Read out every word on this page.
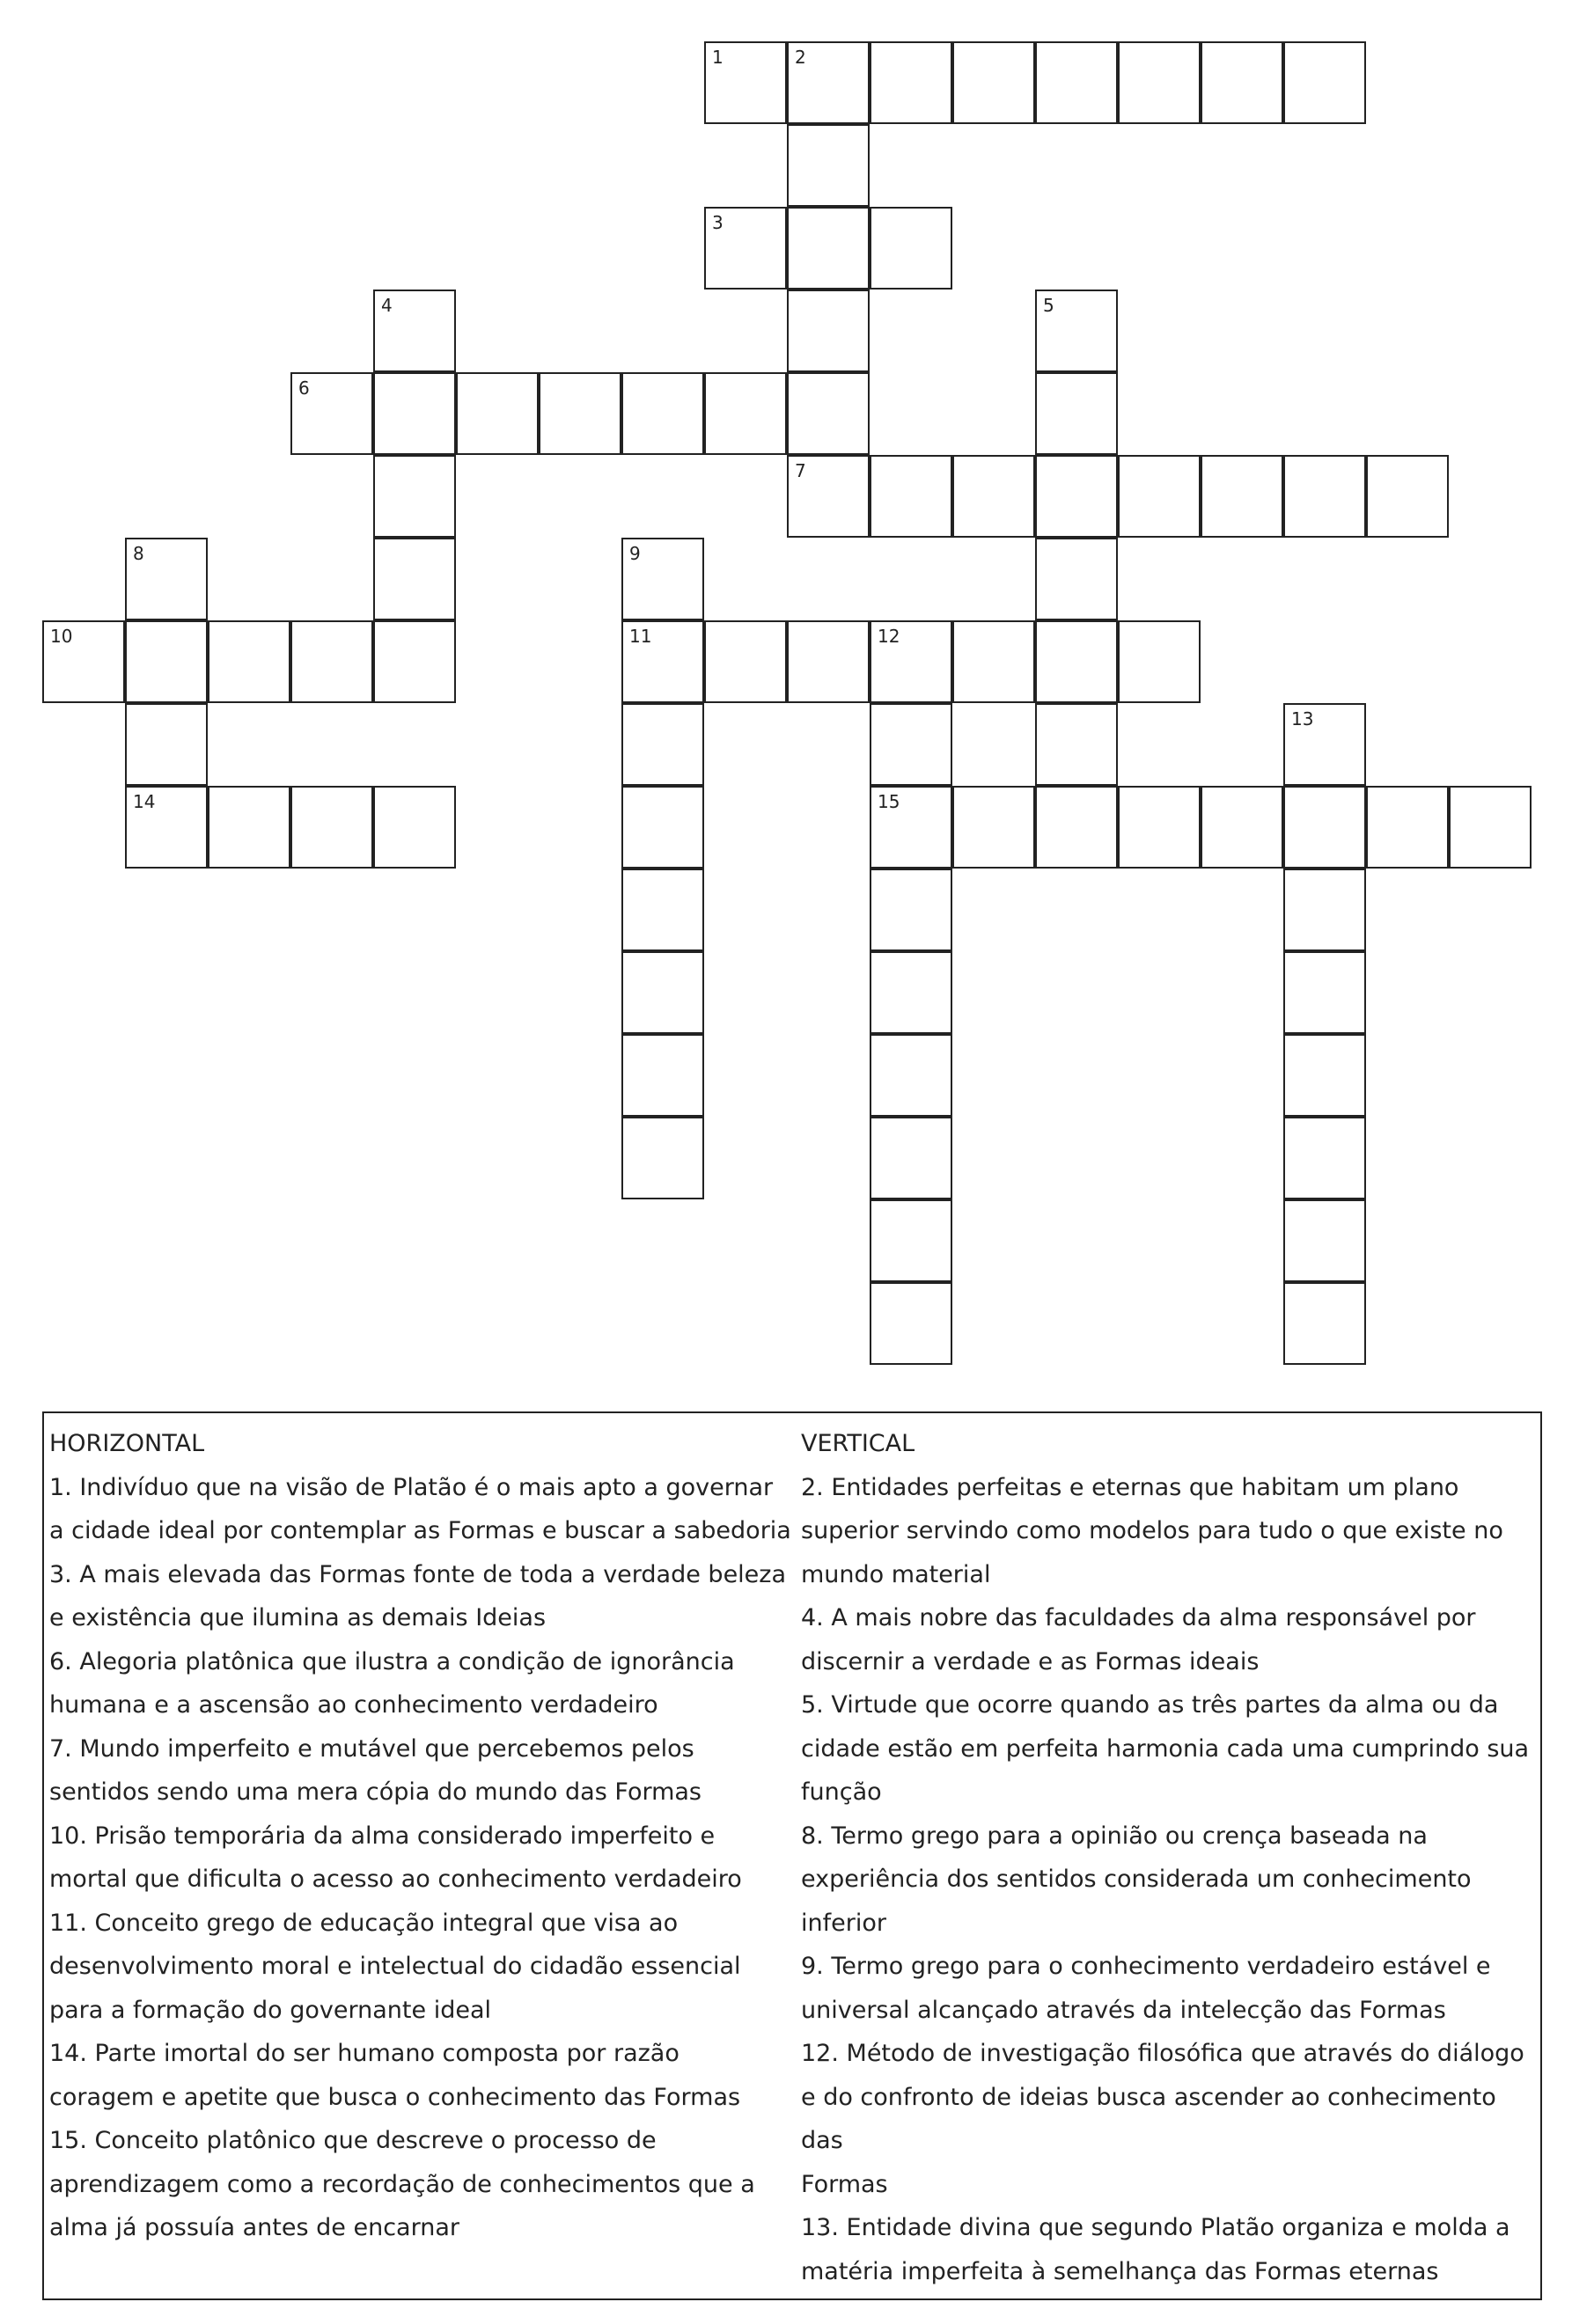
1	2
3
4	5
6
7
8
14
9
11
10	12
15
13
HORIZONTAL
1. Indivíduo que na visão de Platão é o mais apto a governar
a cidade ideal por contemplar as Formas e buscar a sabedoria
3. A mais elevada das Formas fonte de toda a verdade beleza
e existência que ilumina as demais Ideias
6. Alegoria platônica que ilustra a condição de ignorância
humana e a ascensão ao conhecimento verdadeiro
7. Mundo imperfeito e mutável que percebemos pelos
sentidos sendo uma mera cópia do mundo das Formas
10. Prisão temporária da alma considerado imperfeito e
mortal que dificulta o acesso ao conhecimento verdadeiro
11. Conceito grego de educação integral que visa ao
desenvolvimento moral e intelectual do cidadão essencial
para a formação do governante ideal
14. Parte imortal do ser humano composta por razão
coragem e apetite que busca o conhecimento das Formas
15. Conceito platônico que descreve o processo de
aprendizagem como a recordação de conhecimentos que a
alma já possuía antes de encarnar
VERTICAL
2. Entidades perfeitas e eternas que habitam um plano
superior servindo como modelos para tudo o que existe no
mundo material
4. A mais nobre das faculdades da alma responsável por
discernir a verdade e as Formas ideais
5. Virtude que ocorre quando as três partes da alma ou da
cidade estão em perfeita harmonia cada uma cumprindo sua
função
8. Termo grego para a opinião ou crença baseada na
experiência dos sentidos considerada um conhecimento
inferior
9. Termo grego para o conhecimento verdadeiro estável e
universal alcançado através da intelecção das Formas
12. Método de investigação filosófica que através do diálogo
e do confronto de ideias busca ascender ao conhecimento das
Formas
13. Entidade divina que segundo Platão organiza e molda a
matéria imperfeita à semelhança das Formas eternas
